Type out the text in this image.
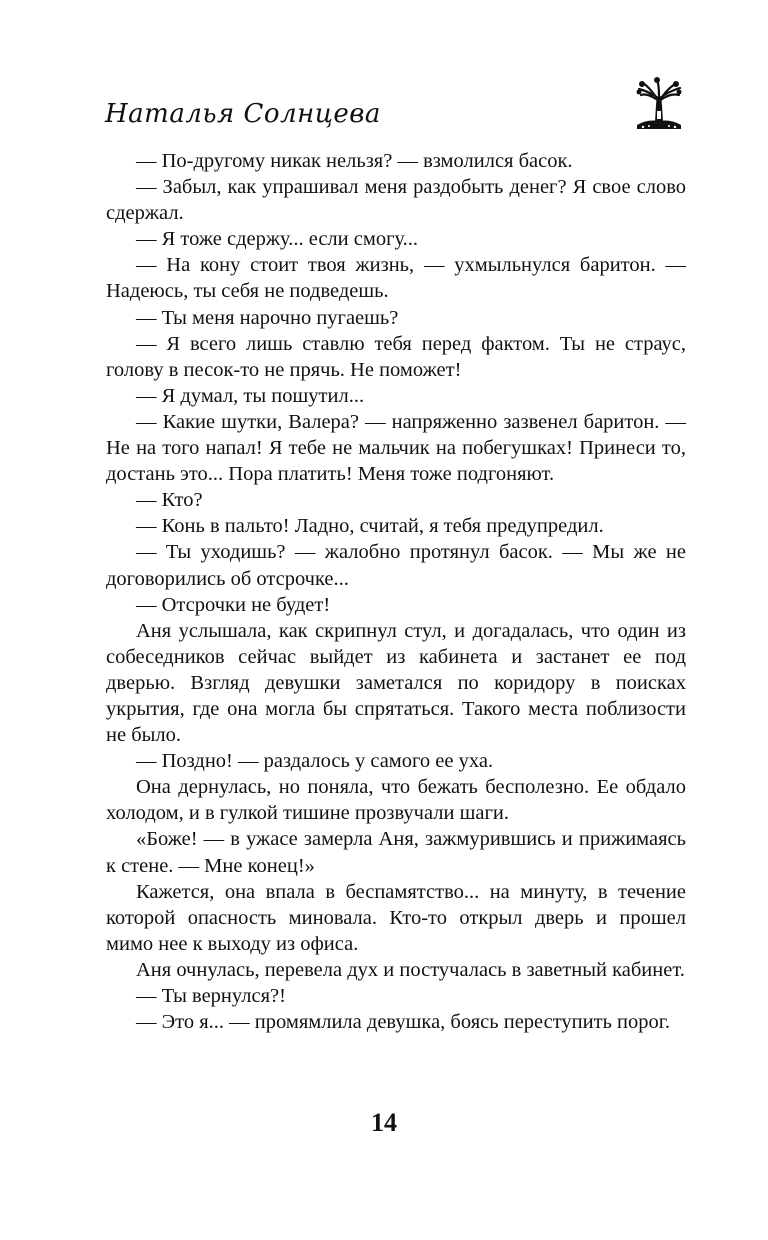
Наталья Солнцева

— По-другому никак нельзя? — взмолился басок.

— Забыл, как упрашивал меня раздобыть денег? Я свое слово сдержал.

— Я тоже сдержу... если смогу...

— На кону стоит твоя жизнь, — ухмыльнулся баритон. — Надеюсь, ты себя не подведешь.

— Ты меня нарочно пугаешь?

— Я всего лишь ставлю тебя перед фактом. Ты не страус, голову в песок-то не прячь. Не поможет!

— Я думал, ты пошутил...

— Какие шутки, Валера? — напряженно зазвенел баритон. — Не на того напал! Я тебе не мальчик на побегушках! Принеси то, достань это... Пора платить! Меня тоже подгоняют.

— Кто?

— Конь в пальто! Ладно, считай, я тебя предупредил.

— Ты уходишь? — жалобно протянул басок. — Мы же не договорились об отсрочке...

— Отсрочки не будет!

Аня услышала, как скрипнул стул, и догадалась, что один из собеседников сейчас выйдет из кабинета и застанет ее под дверью. Взгляд девушки заметался по коридору в поисках укрытия, где она могла бы спрятаться. Такого места поблизости не было.

— Поздно! — раздалось у самого ее уха.

Она дернулась, но поняла, что бежать бесполезно. Ее обдало холодом, и в гулкой тишине прозвучали шаги.

«Боже! — в ужасе замерла Аня, зажмурившись и прижимаясь к стене. — Мне конец!»

Кажется, она впала в беспамятство... на минуту, в течение которой опасность миновала. Кто-то открыл дверь и прошел мимо нее к выходу из офиса.

Аня очнулась, перевела дух и постучалась в заветный кабинет.

— Ты вернулся?!

— Это я... — промямлила девушка, боясь переступить порог.

14
